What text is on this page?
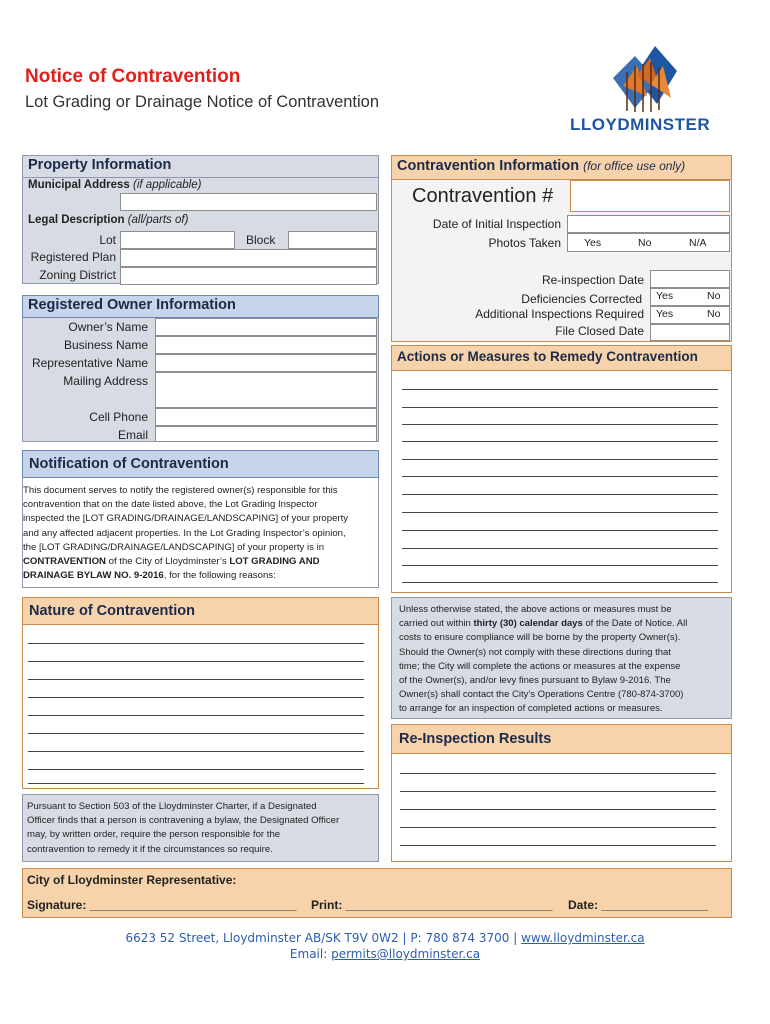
Notice of Contravention
Lot Grading or Drainage Notice of Contravention
LLOYDMINSTER
Property Information
Municipal Address (if applicable)
Legal Description (all/parts of)
Lot	Block
Registered Plan
Zoning District
Registered Owner Information
Owner’s Name
Business Name
Representative Name
Mailing Address
Cell Phone
Email
Notification of Contravention
This document serves to notify the registered owner(s) responsible for this
contravention that on the date listed above, the Lot Grading Inspector
inspected the [LOT GRADING/DRAINAGE/LANDSCAPING] of your property
and any affected adjacent properties. In the Lot Grading Inspector’s opinion,
the [LOT GRADING/DRAINAGE/LANDSCAPING] of your property is in
CONTRAVENTION of the City of Lloydminster’s LOT GRADING AND
DRAINAGE BYLAW NO. 9-2016, for the following reasons:
Nature of Contravention
Pursuant to Section 503 of the Lloydminster Charter, if a Designated
Officer finds that a person is contravening a bylaw, the Designated Officer
may, by written order, require the person responsible for the
contravention to remedy it if the circumstances so require.
Contravention Information (for office use only)
Contravention #
Date of Initial Inspection
Photos Taken Yes	No	N/A
Re-inspection Date
Deficiencies Corrected Yes	No
Additional Inspections Required Yes	No
File Closed Date
Actions or Measures to Remedy Contravention
Unless otherwise stated, the above actions or measures must be
carried out within thirty (30) calendar days of the Date of Notice. All
costs to ensure compliance will be borne by the property Owner(s).
Should the Owner(s) not comply with these directions during that
time; the City will complete the actions or measures at the expense
of the Owner(s), and/or levy fines pursuant to Bylaw 9-2016. The
Owner(s) shall contact the City’s Operations Centre (780-874-3700)
to arrange for an inspection of completed actions or measures.
Re-Inspection Results
City of Lloydminster Representative:
Signature: _______________________________ Print: _______________________________ Date: ________________
6623 52 Street, Lloydminster AB/SK T9V 0W2 | P: 780 874 3700 | www.lloydminster.ca
Email: permits@lloydminster.ca
